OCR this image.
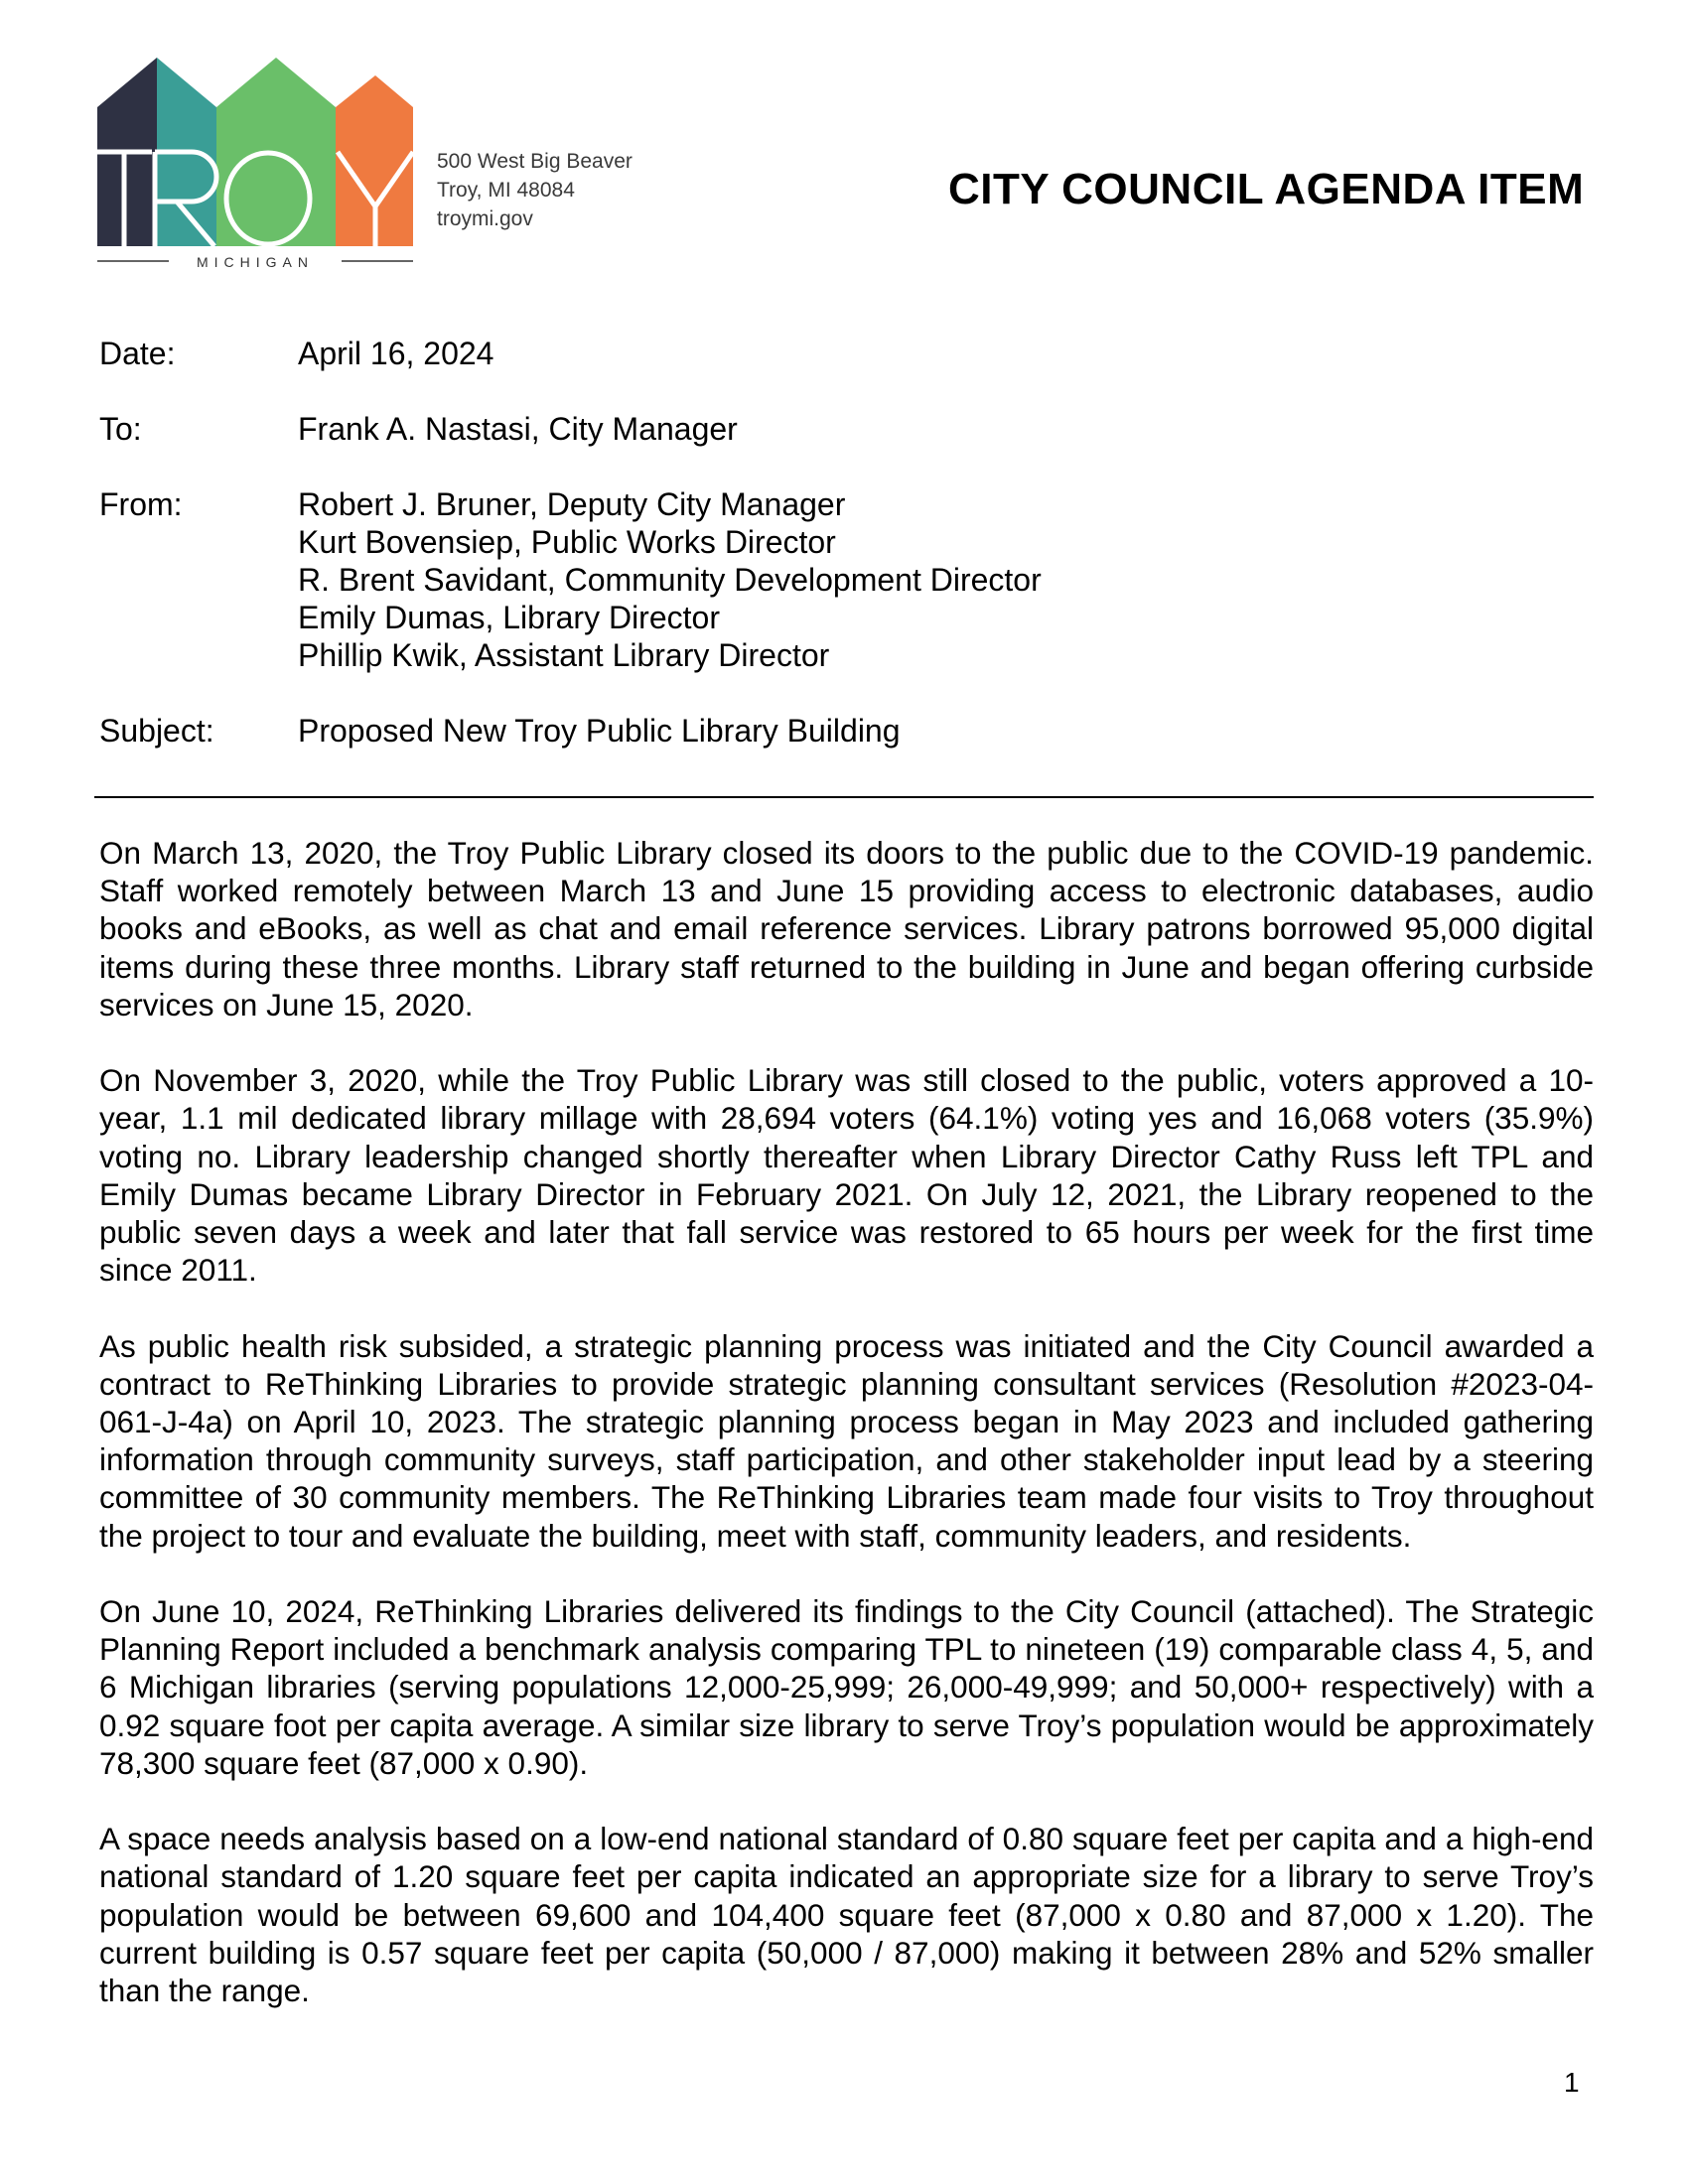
MICHIGAN
500 West Big Beaver
Troy, MI 48084
troymi.gov
CITY COUNCIL AGENDA ITEM
Date:	April 16, 2024
To:	Frank A. Nastasi, City Manager
From:	Robert J. Bruner, Deputy City Manager
Kurt Bovensiep, Public Works Director
R. Brent Savidant, Community Development Director
Emily Dumas, Library Director
Phillip Kwik, Assistant Library Director
Subject:	Proposed New Troy Public Library Building

On March 13, 2020, the Troy Public Library closed its doors to the public due to the COVID-19 pandemic. Staff worked remotely between March 13 and June 15 providing access to electronic databases, audio books and eBooks, as well as chat and email reference services. Library patrons borrowed 95,000 digital items during these three months. Library staff returned to the building in June and began offering curbside services on June 15, 2020.

On November 3, 2020, while the Troy Public Library was still closed to the public, voters approved a 10-year, 1.1 mil dedicated library millage with 28,694 voters (64.1%) voting yes and 16,068 voters (35.9%) voting no. Library leadership changed shortly thereafter when Library Director Cathy Russ left TPL and Emily Dumas became Library Director in February 2021. On July 12, 2021, the Library reopened to the public seven days a week and later that fall service was restored to 65 hours per week for the first time since 2011.

As public health risk subsided, a strategic planning process was initiated and the City Council awarded a contract to ReThinking Libraries to provide strategic planning consultant services (Resolution #2023-04-061-J-4a) on April 10, 2023. The strategic planning process began in May 2023 and included gathering information through community surveys, staff participation, and other stakeholder input lead by a steering committee of 30 community members. The ReThinking Libraries team made four visits to Troy throughout the project to tour and evaluate the building, meet with staff, community leaders, and residents.

On June 10, 2024, ReThinking Libraries delivered its findings to the City Council (attached). The Strategic Planning Report included a benchmark analysis comparing TPL to nineteen (19) comparable class 4, 5, and 6 Michigan libraries (serving populations 12,000-25,999; 26,000-49,999; and 50,000+ respectively) with a 0.92 square foot per capita average. A similar size library to serve Troy’s population would be approximately 78,300 square feet (87,000 x 0.90).

A space needs analysis based on a low-end national standard of 0.80 square feet per capita and a high-end national standard of 1.20 square feet per capita indicated an appropriate size for a library to serve Troy’s population would be between 69,600 and 104,400 square feet (87,000 x 0.80 and 87,000 x 1.20). The current building is 0.57 square feet per capita (50,000 / 87,000) making it between 28% and 52% smaller than the range.

1
